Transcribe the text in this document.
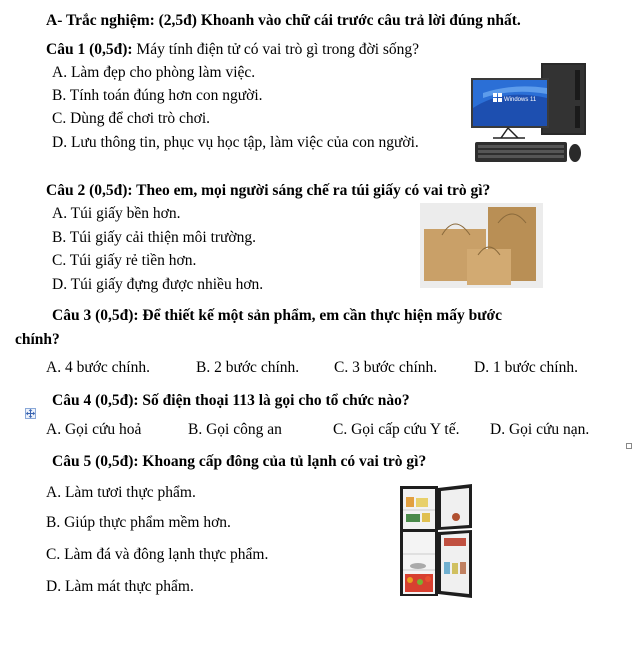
A- Trắc nghiệm: (2,5đ) Khoanh vào chữ cái trước câu trả lời đúng nhất.
Câu 1 (0,5đ): Máy tính điện tử có vai trò gì trong đời sống?
A. Làm đẹp cho phòng làm việc.
B. Tính toán đúng hơn con người.
C. Dùng để chơi trò chơi.
D. Lưu thông tin, phục vụ học tập, làm việc của con người.
Windows 11
Câu 2 (0,5đ): Theo em, mọi người sáng chế ra túi giấy có vai trò gì?
A. Túi giấy bền hơn.
B. Túi giấy cải thiện môi trường.
C. Túi giấy rẻ tiền hơn.
D. Túi giấy đựng được nhiều hơn.
Câu 3 (0,5đ): Để thiết kế một sản phẩm, em cần thực hiện mấy bước
chính?
A. 4 bước chính.	B. 2 bước chính. C. 3 bước chính. D. 1 bước chính.
Câu 4 (0,5đ): Số điện thoại 113 là gọi cho tổ chức nào?
A. Gọi cứu hoả	B. Gọi công an	C. Gọi cấp cứu Y tế. D. Gọi cứu nạn.
Câu 5 (0,5đ): Khoang cấp đông của tủ lạnh có vai trò gì?
A. Làm tươi thực phẩm.
B. Giúp thực phẩm mềm hơn.
C. Làm đá và đông lạnh thực phẩm.
D. Làm mát thực phẩm.
